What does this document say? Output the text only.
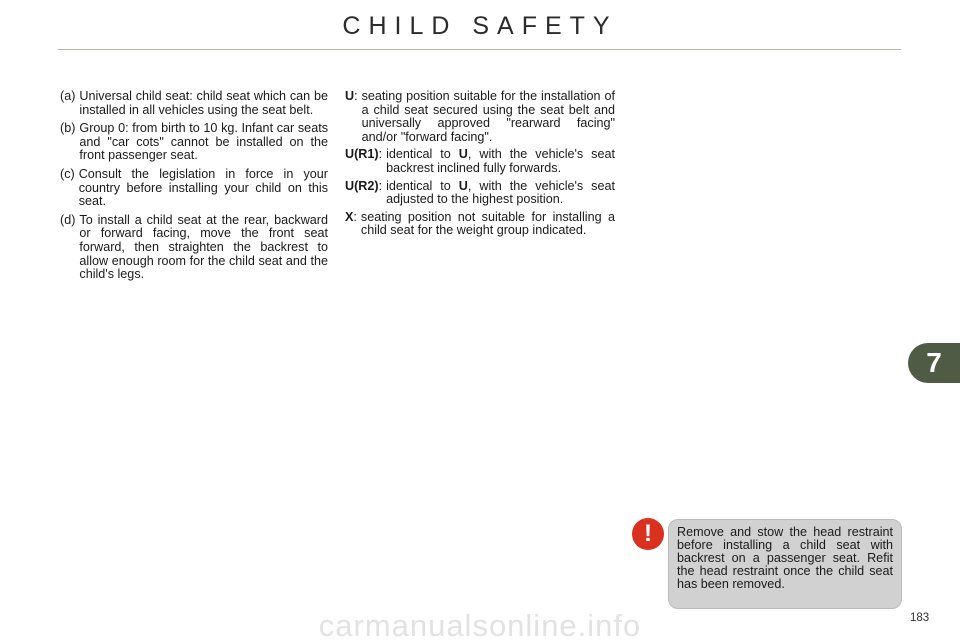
CHILD SAFETY
(a) Universal child seat: child seat which can be installed in all vehicles using the seat belt.
(b) Group 0: from birth to 10 kg. Infant car seats and "car cots" cannot be installed on the front passenger seat.
(c) Consult the legislation in force in your country before installing your child on this seat.
(d) To install a child seat at the rear, backward or forward facing, move the front seat forward, then straighten the backrest to allow enough room for the child seat and the child's legs.
U : seating position suitable for the installation of a child seat secured using the seat belt and universally approved "rearward facing" and/or "forward facing".
U(R1) : identical to U, with the vehicle's seat backrest inclined fully forwards.
U(R2) : identical to U, with the vehicle's seat adjusted to the highest position.
X : seating position not suitable for installing a child seat for the weight group indicated.
7
!	Remove and stow the head restraint before installing a child seat with backrest on a passenger seat. Refit the head restraint once the child seat has been removed.
carmanualsonline.info	183
